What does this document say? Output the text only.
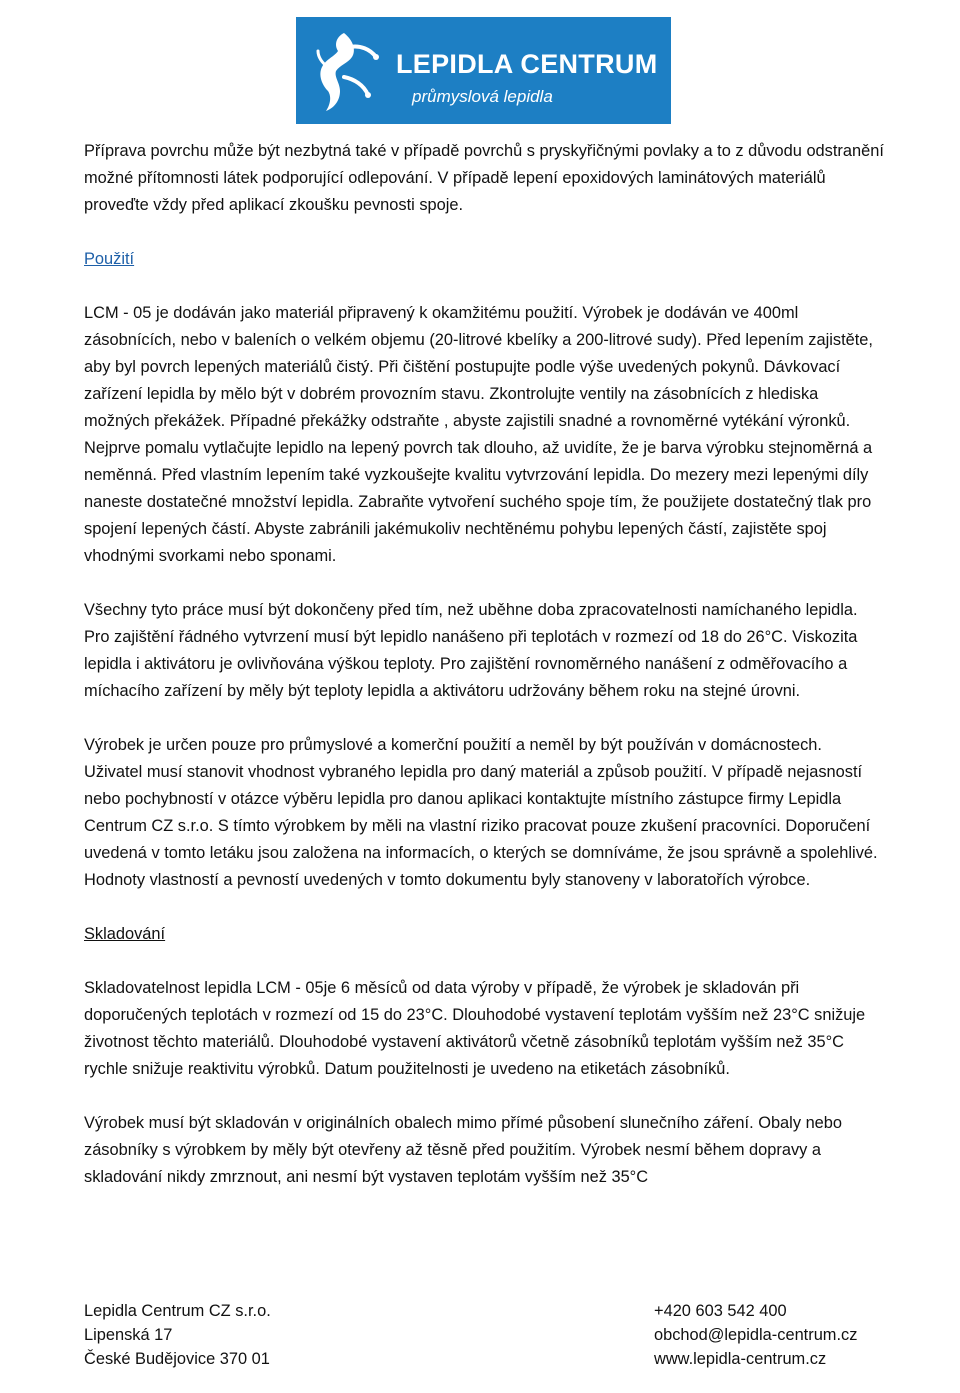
LEPIDLA CENTRUM
průmyslová lepidla

Příprava povrchu může být nezbytná také v případě povrchů s pryskyřičnými povlaky a to z důvodu odstranění možné přítomnosti látek podporující odlepování. V případě lepení epoxidových laminátových materiálů proveďte vždy před aplikací zkoušku pevnosti spoje.

Použití

LCM - 05 je dodáván jako materiál připravený k okamžitému použití. Výrobek je dodáván ve 400ml zásobnících, nebo v baleních o velkém objemu (20-litrové kbelíky a 200-litrové sudy). Před lepením zajistěte, aby byl povrch lepených materiálů čistý. Při čištění postupujte podle výše uvedených pokynů. Dávkovací zařízení lepidla by mělo být v dobrém provozním stavu. Zkontrolujte ventily na zásobnících z hlediska možných překážek. Případné překážky odstraňte , abyste zajistili snadné a rovnoměrné vytékání výronků. Nejprve pomalu vytlačujte lepidlo na lepený povrch tak dlouho, až uvidíte, že je barva výrobku stejnoměrná a neměnná. Před vlastním lepením také vyzkoušejte kvalitu vytvrzování lepidla. Do mezery mezi lepenými díly naneste dostatečné množství lepidla. Zabraňte vytvoření suchého spoje tím, že použijete dostatečný tlak pro spojení lepených částí. Abyste zabránili jakémukoliv nechtěnému pohybu lepených částí, zajistěte spoj vhodnými svorkami nebo sponami.

Všechny tyto práce musí být dokončeny před tím, než uběhne doba zpracovatelnosti namíchaného lepidla. Pro zajištění řádného vytvrzení musí být lepidlo nanášeno při teplotách v rozmezí od 18 do 26°C. Viskozita lepidla i aktivátoru je ovlivňována výškou teploty. Pro zajištění rovnoměrného nanášení z odměřovacího a míchacího zařízení by měly být teploty lepidla a aktivátoru udržovány během roku na stejné úrovni.

Výrobek je určen pouze pro průmyslové a komerční použití a neměl by být používán v domácnostech. Uživatel musí stanovit vhodnost vybraného lepidla pro daný materiál a způsob použití. V případě nejasností nebo pochybností v otázce výběru lepidla pro danou aplikaci kontaktujte místního zástupce firmy Lepidla Centrum CZ s.r.o. S tímto výrobkem by měli na vlastní riziko pracovat pouze zkušení pracovníci. Doporučení uvedená v tomto letáku jsou založena na informacích, o kterých se domníváme, že jsou správně a spolehlivé. Hodnoty vlastností a pevností uvedených v tomto dokumentu byly stanoveny v laboratořích výrobce.

Skladování

Skladovatelnost lepidla LCM - 05je 6 měsíců od data výroby v případě, že výrobek je skladován při doporučených teplotách v rozmezí od 15 do 23°C. Dlouhodobé vystavení teplotám vyšším než 23°C snižuje životnost těchto materiálů. Dlouhodobé vystavení aktivátorů včetně zásobníků teplotám vyšším než 35°C rychle snižuje reaktivitu výrobků. Datum použitelnosti je uvedeno na etiketách zásobníků.

Výrobek musí být skladován v originálních obalech mimo přímé působení slunečního záření. Obaly nebo zásobníky s výrobkem by měly být otevřeny až těsně před použitím. Výrobek nesmí během dopravy a skladování nikdy zmrznout, ani nesmí být vystaven teplotám vyšším než 35°C

Lepidla Centrum CZ s.r.o.	+420 603 542 400
Lipenská 17	obchod@lepidla-centrum.cz
České Budějovice 370 01	www.lepidla-centrum.cz
